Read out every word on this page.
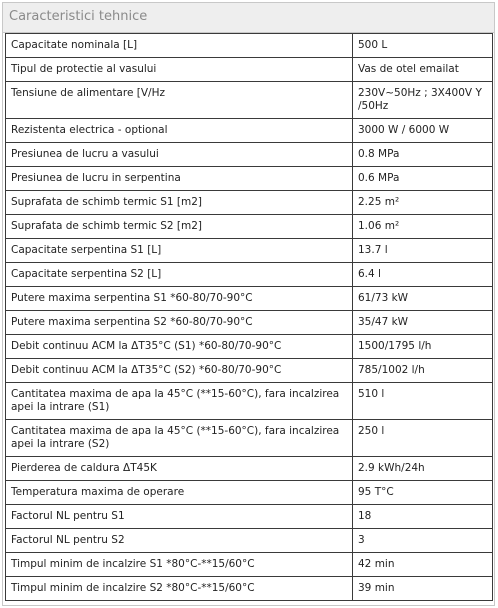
Caracteristici tehnice
Capacitate nominala [L]	500 L
Tipul de protectie al vasului	Vas de otel emailat
Tensiune de alimentare [V/Hz	230V~50Hz ; 3X400V Y /50Hz
Rezistenta electrica - optional	3000 W / 6000 W
Presiunea de lucru a vasului	0.8 MPa
Presiunea de lucru in serpentina	0.6 MPa
Suprafata de schimb termic S1 [m2]	2.25 m²
Suprafata de schimb termic S2 [m2]	1.06 m²
Capacitate serpentina S1 [L]	13.7 l
Capacitate serpentina S2 [L]	6.4 l
Putere maxima serpentina S1 *60-80/70-90°C	61/73 kW
Putere maxima serpentina S2 *60-80/70-90°C	35/47 kW
Debit continuu ACM la ΔT35°C (S1) *60-80/70-90°C	1500/1795 l/h
Debit continuu ACM la ΔT35°C (S2) *60-80/70-90°C	785/1002 l/h
Cantitatea maxima de apa la 45°C (**15-60°C), fara incalzirea apei la intrare (S1)	510 l
Cantitatea maxima de apa la 45°C (**15-60°C), fara incalzirea apei la intrare (S2)	250 l
Pierderea de caldura ΔT45K	2.9 kWh/24h
Temperatura maxima de operare	95 T°C
Factorul NL pentru S1	18
Factorul NL pentru S2	3
Timpul minim de incalzire S1 *80°C-**15/60°C	42 min
Timpul minim de incalzire S2 *80°C-**15/60°C	39 min
